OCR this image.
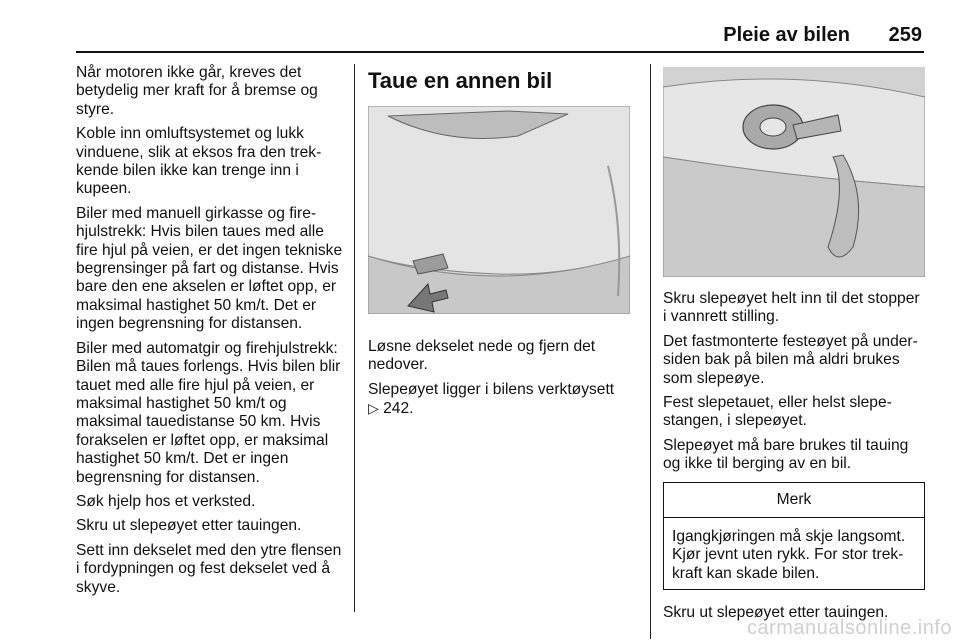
Pleie av bilen 259

Når motoren ikke går, kreves det betydelig mer kraft for å bremse og styre.

Koble inn omluftsystemet og lukk vinduene, slik at eksos fra den trekkende bilen ikke kan trenge inn i kupeen.

Biler med manuell girkasse og firehjulstrekk: Hvis bilen taues med alle fire hjul på veien, er det ingen tekniske begrensinger på fart og distanse. Hvis bare den ene akselen er løftet opp, er maksimal hastighet 50 km/t. Det er ingen begrensning for distansen.

Biler med automatgir og firehjulstrekk: Bilen må taues forlengs. Hvis bilen blir tauet med alle fire hjul på veien, er maksimal hastighet 50 km/t og maksimal tauedistanse 50 km. Hvis forakselen er løftet opp, er maksimal hastighet 50 km/t. Det er ingen begrensning for distansen.

Søk hjelp hos et verksted.

Skru ut slepeøyet etter tauingen.

Sett inn dekselet med den ytre flensen i fordypningen og fest dekselet ved å skyve.

Taue en annen bil

Løsne dekselet nede og fjern det nedover.

Slepeøyet ligger i bilens verktøysett
▷ 242.

Skru slepeøyet helt inn til det stopper i vannrett stilling.

Det fastmonterte festeøyet på undersiden bak på bilen må aldri brukes som slepeøye.

Fest slepetauet, eller helst slepestangen, i slepeøyet.

Slepeøyet må bare brukes til tauing og ikke til berging av en bil.

Merk
Igangkjøringen må skje langsomt. Kjør jevnt uten rykk. For stor trekkraft kan skade bilen.

Skru ut slepeøyet etter tauingen.

carmanualsonline.info
